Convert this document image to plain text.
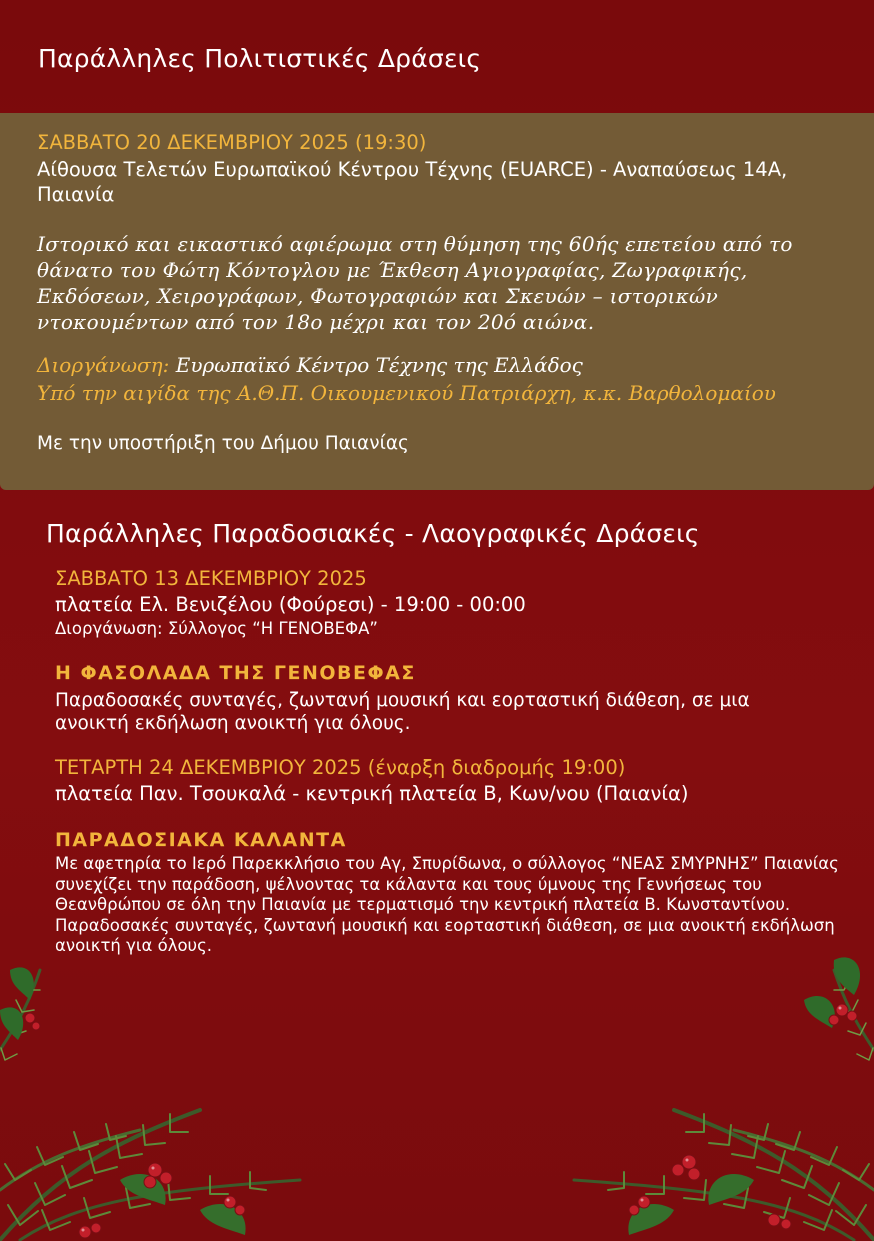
Παράλληλες Πολιτιστικές Δράσεις
ΣΑΒΒΑΤΟ 20 ΔΕΚΕΜΒΡΙΟΥ 2025 (19:30)
Αίθουσα Τελετών Ευρωπαϊκού Κέντρου Τέχνης (EUARCE) - Αναπαύσεως 14Α, Παιανία
Ιστορικό και εικαστικό αφιέρωμα στη θύμηση της 60ής επετείου από το θάνατο του Φώτη Κόντογλου με Έκθεση Αγιογραφίας, Ζωγραφικής, Εκδόσεων, Χειρογράφων, Φωτογραφιών και Σκευών – ιστορικών ντοκουμέντων από τον 18ο μέχρι και τον 20ό αιώνα.
Διοργάνωση: Ευρωπαϊκό Κέντρο Τέχνης της Ελλάδος
Υπό την αιγίδα της Α.Θ.Π. Οικουμενικού Πατριάρχη, κ.κ. Βαρθολομαίου
Με την υποστήριξη του Δήμου Παιανίας
Παράλληλες Παραδοσιακές - Λαογραφικές Δράσεις
ΣΑΒΒΑΤΟ 13 ΔΕΚΕΜΒΡΙΟΥ 2025
πλατεία Ελ. Βενιζέλου (Φούρεσι) - 19:00 - 00:00
Διοργάνωση: Σύλλογος “Η ΓΕΝΟΒΕΦΑ”
Η ΦΑΣΟΛΑΔΑ ΤΗΣ ΓΕΝΟΒΕΦΑΣ
Παραδοσακές συνταγές, ζωντανή μουσική και εορταστική διάθεση, σε μια ανοικτή εκδήλωση ανοικτή για όλους.
ΤΕΤΑΡΤΗ 24 ΔΕΚΕΜΒΡΙΟΥ 2025 (έναρξη διαδρομής 19:00)
πλατεία Παν. Τσουκαλά - κεντρική πλατεία Β, Κων/νου (Παιανία)
ΠΑΡΑΔΟΣΙΑΚΑ ΚΑΛΑΝΤΑ
Με αφετηρία το Ιερό Παρεκκλήσιο του Αγ, Σπυρίδωνα, ο σύλλογος “ΝΕΑΣ ΣΜΥΡΝΗΣ” Παιανίας συνεχίζει την παράδοση, ψέλνοντας τα κάλαντα και τους ύμνους της Γεννήσεως του Θεανθρώπου σε όλη την Παιανία με τερματισμό την κεντρική πλατεία Β. Κωνσταντίνου. Παραδοσακές συνταγές, ζωντανή μουσική και εορταστική διάθεση, σε μια ανοικτή εκδήλωση ανοικτή για όλους.
